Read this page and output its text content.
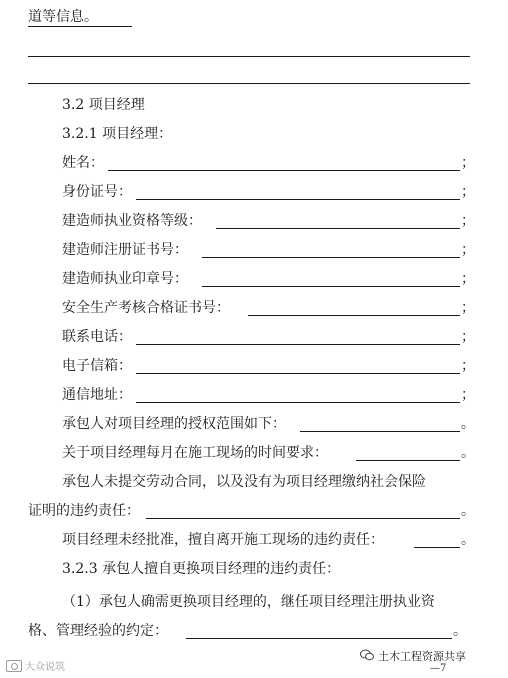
道等信息。
3.2 项目经理
3.2.1 项目经理：
姓名：	；
身份证号：	；
建造师执业资格等级：	；
建造师注册证书号：	；
建造师执业印章号：	；
安全生产考核合格证书号：	；
联系电话：	；
电子信箱：	；
通信地址：	；
承包人对项目经理的授权范围如下：	。
关于项目经理每月在施工现场的时间要求：	。
承包人未提交劳动合同，以及没有为项目经理缴纳社会保险
证明的违约责任：	。
项目经理未经批准，擅自离开施工现场的违约责任：	。
3.2.3 承包人擅自更换项目经理的违约责任：
（1）承包人确需更换项目经理的，继任项目经理注册执业资
格、管理经验的约定：	。
大众说筑
土木工程资源共享
—7
